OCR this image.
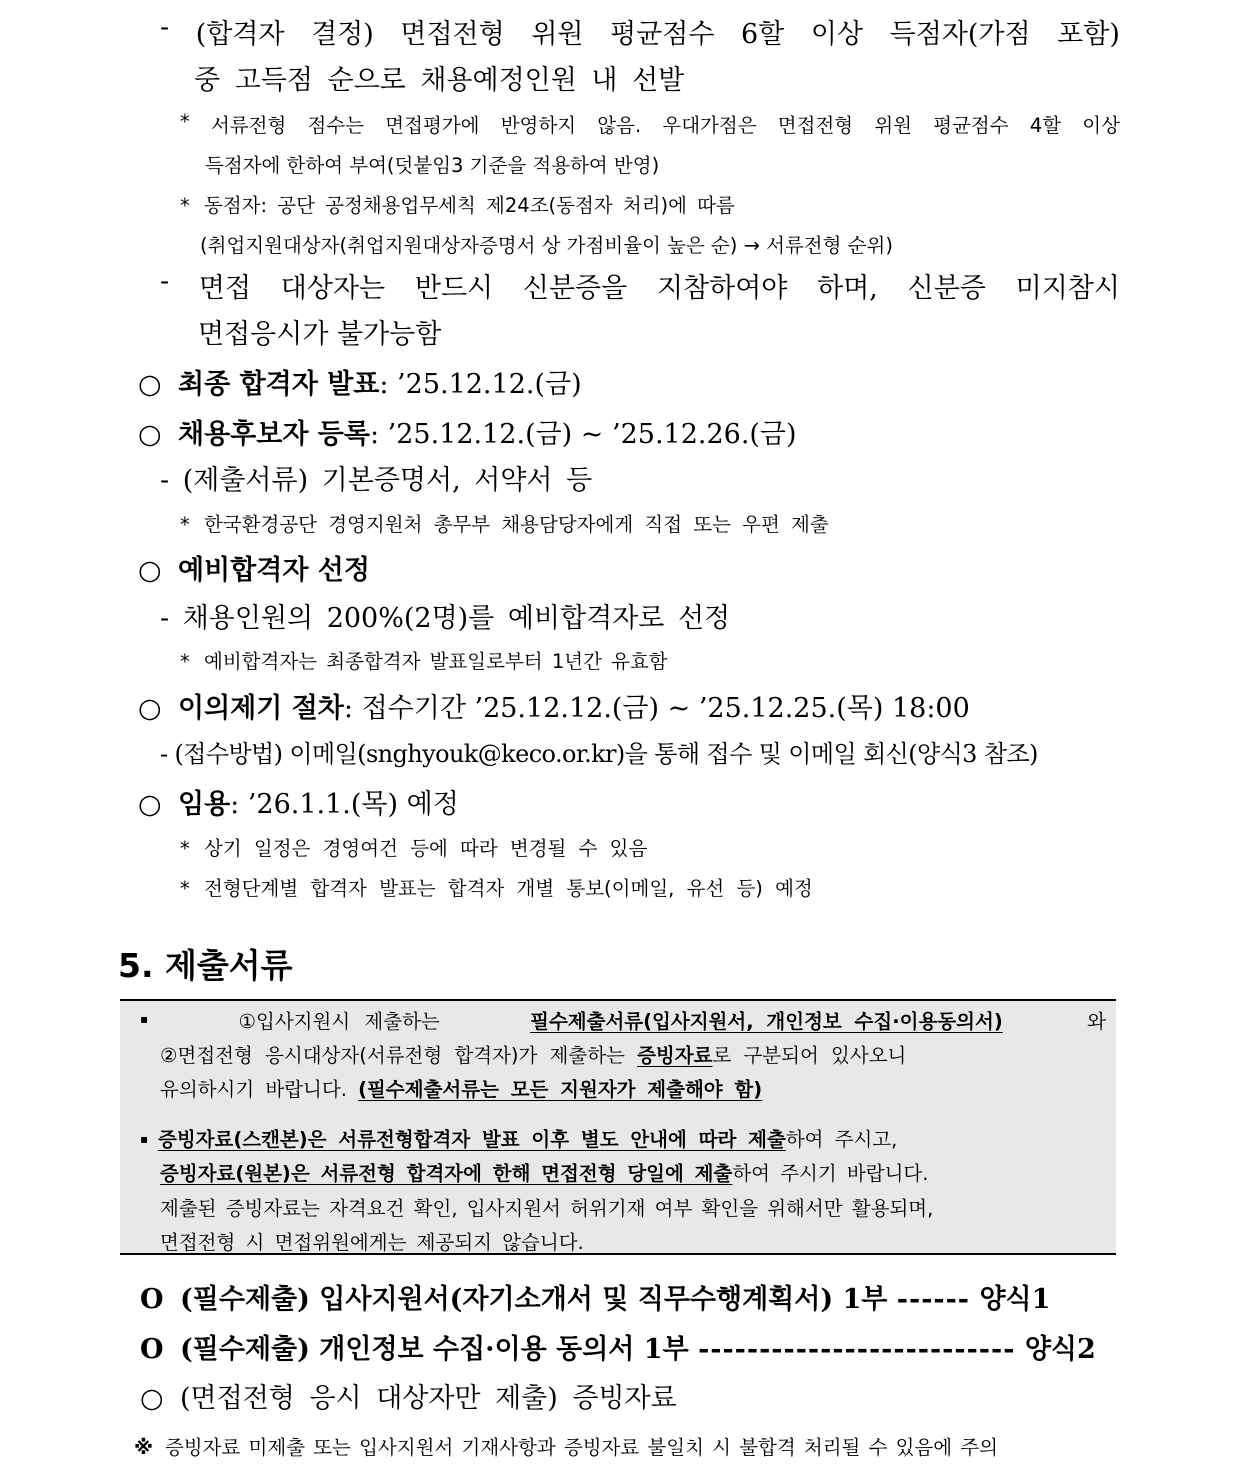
- (합격자 결정) 면접전형 위원 평균점수 6할 이상 득점자(가점 포함)
중 고득점 순으로 채용예정인원 내 선발
* 서류전형 점수는 면접평가에 반영하지 않음. 우대가점은 면접전형 위원 평균점수 4할 이상
득점자에 한하여 부여(덧붙임3 기준을 적용하여 반영)
* 동점자: 공단 공정채용업무세칙 제24조(동점자 처리)에 따름
(취업지원대상자(취업지원대상자증명서 상 가점비율이 높은 순) → 서류전형 순위)
- 면접 대상자는 반드시 신분증을 지참하여야 하며, 신분증 미지참시
면접응시가 불가능함
○ 최종 합격자 발표: ’25.12.12.(금)
○ 채용후보자 등록: ’25.12.12.(금) ~ ’25.12.26.(금)
- (제출서류) 기본증명서, 서약서 등
* 한국환경공단 경영지원처 총무부 채용담당자에게 직접 또는 우편 제출
○ 예비합격자 선정
- 채용인원의 200%(2명)를 예비합격자로 선정
* 예비합격자는 최종합격자 발표일로부터 1년간 유효함
○ 이의제기 절차: 접수기간 ’25.12.12.(금) ~ ’25.12.25.(목) 18:00
- (접수방법) 이메일(snghyouk@keco.or.kr)을 통해 접수 및 이메일 회신(양식3 참조)
○ 임용: ’26.1.1.(목) 예정
* 상기 일정은 경영여건 등에 따라 변경될 수 있음
* 전형단계별 합격자 발표는 합격자 개별 통보(이메일, 유선 등) 예정
5. 제출서류
▪	①입사지원시 제출하는	필수제출서류(입사지원서, 개인정보 수집·이용동의서)	와
②면접전형 응시대상자(서류전형 합격자)가 제출하는 증빙자료로 구분되어 있사오니
유의하시기 바랍니다. (필수제출서류는 모든 지원자가 제출해야 함)
▪ 증빙자료(스캔본)은 서류전형합격자 발표 이후 별도 안내에 따라 제출하여 주시고,
증빙자료(원본)은 서류전형 합격자에 한해 면접전형 당일에 제출하여 주시기 바랍니다.
제출된 증빙자료는 자격요건 확인, 입사지원서 허위기재 여부 확인을 위해서만 활용되며,
면접전형 시 면접위원에게는 제공되지 않습니다.
O (필수제출) 입사지원서(자기소개서 및 직무수행계획서) 1부 ------ 양식1
O (필수제출) 개인정보 수집·이용 동의서 1부 -------------------------- 양식2
○ (면접전형 응시 대상자만 제출) 증빙자료
※ 증빙자료 미제출 또는 입사지원서 기재사항과 증빙자료 불일치 시 불합격 처리될 수 있음에 주의
